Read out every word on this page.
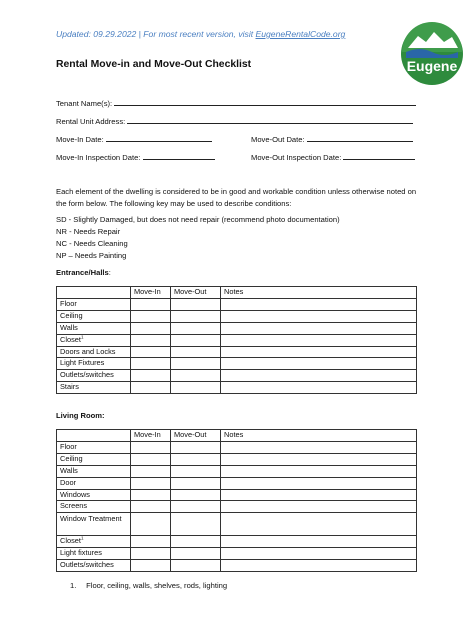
Updated: 09.29.2022 | For most recent version, visit EugeneRentalCode.org
Eugene
Rental Move-in and Move-Out Checklist
Tenant Name(s):
Rental Unit Address:
Move-In Date:	Move-Out Date:
Move-In Inspection Date:	Move-Out Inspection Date:
Each element of the dwelling is considered to be in good and workable condition unless otherwise noted on the form below. The following key may be used to describe conditions:
SD - Slightly Damaged, but does not need repair (recommend photo documentation)
NR - Needs Repair
NC - Needs Cleaning
NP – Needs Painting
Entrance/Halls:
	Move-In	Move-Out	Notes
Floor			
Ceiling			
Walls			
Closet$^1$			
Doors and Locks			
Light Fixtures			
Outlets/switches			
Stairs			
Living Room:
	Move-In	Move-Out	Notes
Floor			
Ceiling			
Walls			
Door			
Windows			
Screens			
Window Treatment			
Closet$^1$			
Light fixtures			
Outlets/switches			
1. Floor, ceiling, walls, shelves, rods, lighting
